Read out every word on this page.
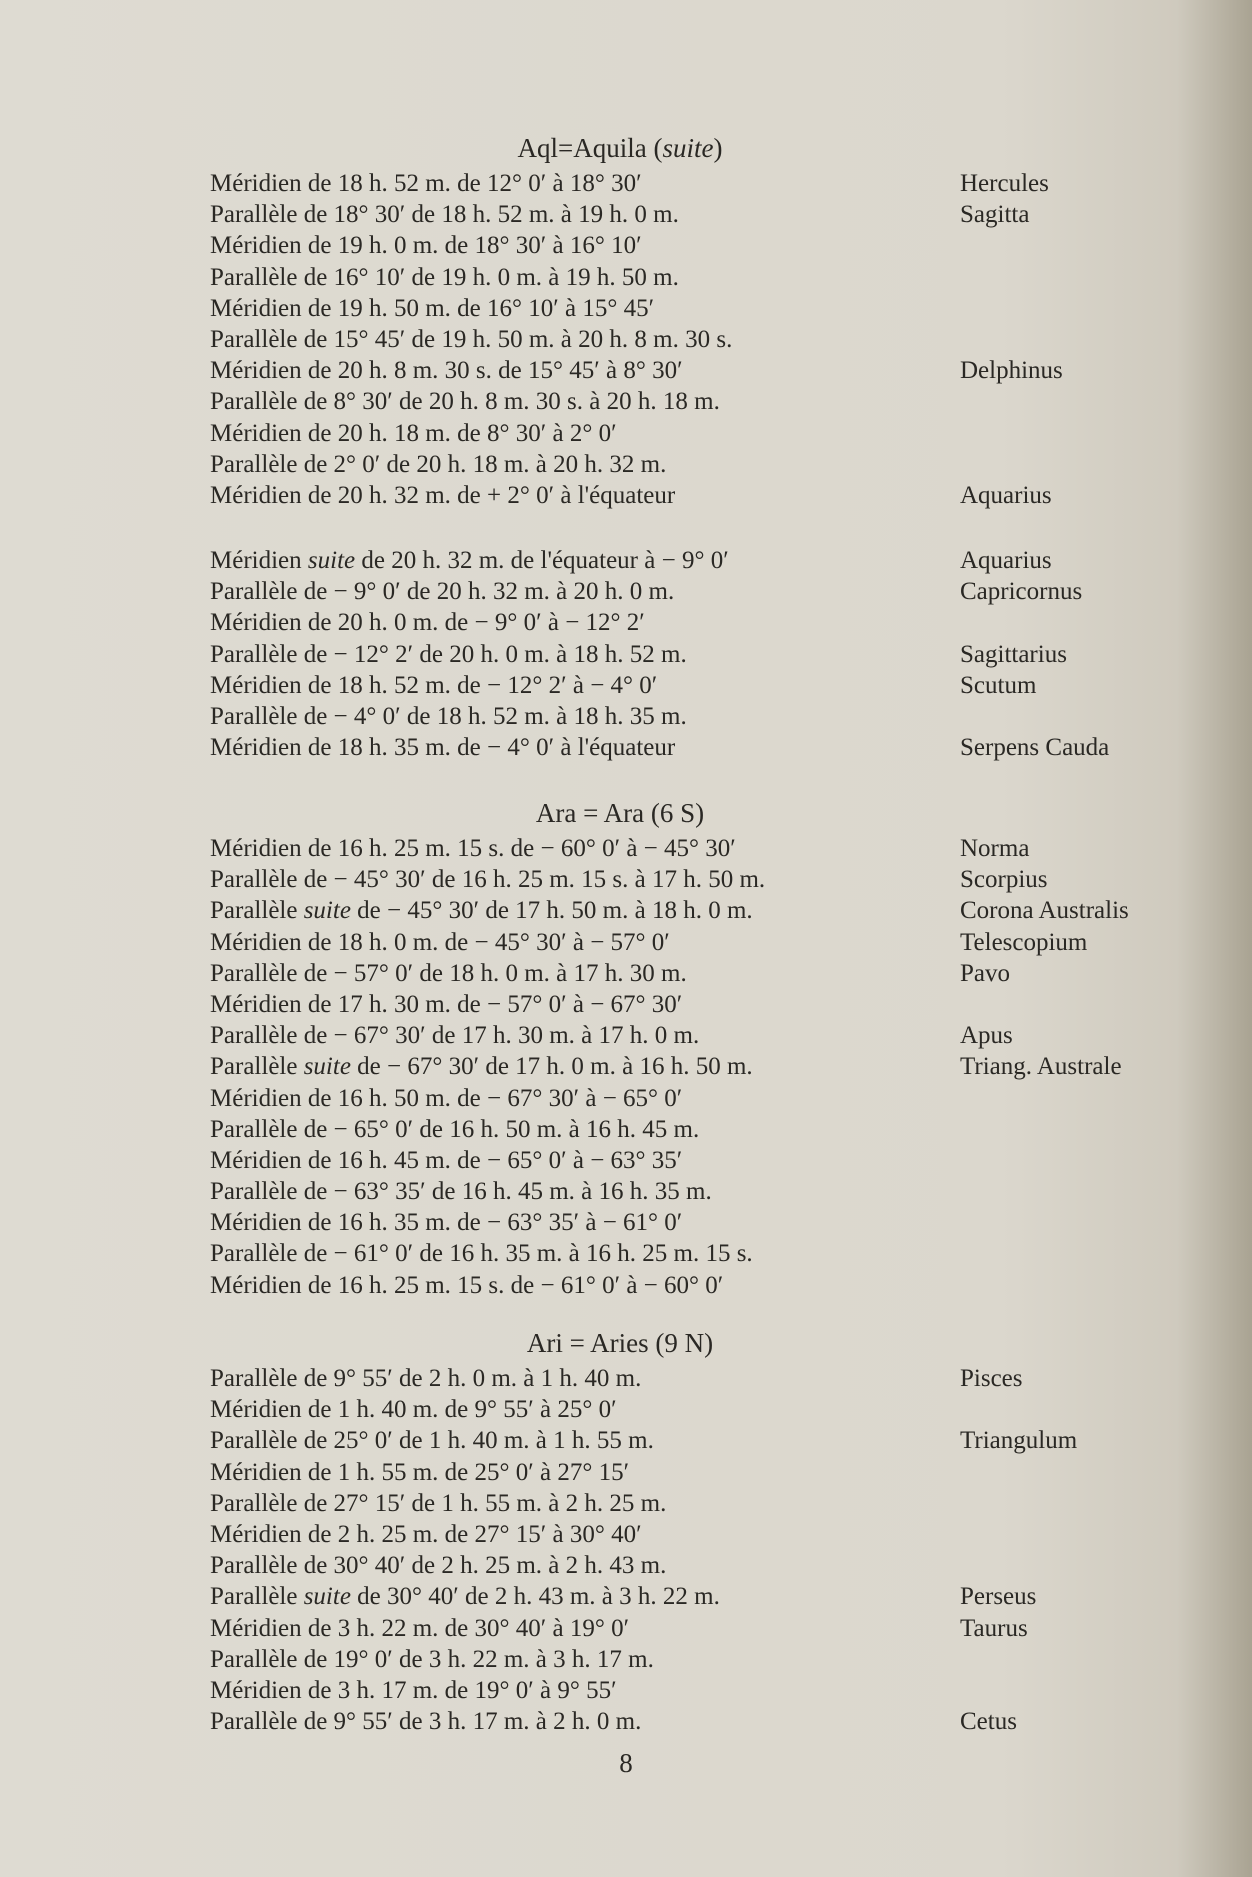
Aql=Aquila (suite)
Méridien de 18 h. 52 m. de 12° 0′ à 18° 30′	Hercules
Parallèle de 18° 30′ de 18 h. 52 m. à 19 h. 0 m.	Sagitta
Méridien de 19 h. 0 m. de 18° 30′ à 16° 10′
Parallèle de 16° 10′ de 19 h. 0 m. à 19 h. 50 m.
Méridien de 19 h. 50 m. de 16° 10′ à 15° 45′
Parallèle de 15° 45′ de 19 h. 50 m. à 20 h. 8 m. 30 s.
Méridien de 20 h. 8 m. 30 s. de 15° 45′ à 8° 30′	Delphinus
Parallèle de 8° 30′ de 20 h. 8 m. 30 s. à 20 h. 18 m.
Méridien de 20 h. 18 m. de 8° 30′ à 2° 0′
Parallèle de 2° 0′ de 20 h. 18 m. à 20 h. 32 m.
Méridien de 20 h. 32 m. de + 2° 0′ à l'équateur	Aquarius
Méridien suite de 20 h. 32 m. de l'équateur à − 9° 0′	Aquarius
Parallèle de − 9° 0′ de 20 h. 32 m. à 20 h. 0 m.	Capricornus
Méridien de 20 h. 0 m. de − 9° 0′ à − 12° 2′
Parallèle de − 12° 2′ de 20 h. 0 m. à 18 h. 52 m.	Sagittarius
Méridien de 18 h. 52 m. de − 12° 2′ à − 4° 0′	Scutum
Parallèle de − 4° 0′ de 18 h. 52 m. à 18 h. 35 m.
Méridien de 18 h. 35 m. de − 4° 0′ à l'équateur	Serpens Cauda
Ara = Ara (6 S)
Méridien de 16 h. 25 m. 15 s. de − 60° 0′ à − 45° 30′	Norma
Parallèle de − 45° 30′ de 16 h. 25 m. 15 s. à 17 h. 50 m.	Scorpius
Parallèle suite de − 45° 30′ de 17 h. 50 m. à 18 h. 0 m.	Corona Australis
Méridien de 18 h. 0 m. de − 45° 30′ à − 57° 0′	Telescopium
Parallèle de − 57° 0′ de 18 h. 0 m. à 17 h. 30 m.	Pavo
Méridien de 17 h. 30 m. de − 57° 0′ à − 67° 30′
Parallèle de − 67° 30′ de 17 h. 30 m. à 17 h. 0 m.	Apus
Parallèle suite de − 67° 30′ de 17 h. 0 m. à 16 h. 50 m.	Triang. Australe
Méridien de 16 h. 50 m. de − 67° 30′ à − 65° 0′
Parallèle de − 65° 0′ de 16 h. 50 m. à 16 h. 45 m.
Méridien de 16 h. 45 m. de − 65° 0′ à − 63° 35′
Parallèle de − 63° 35′ de 16 h. 45 m. à 16 h. 35 m.
Méridien de 16 h. 35 m. de − 63° 35′ à − 61° 0′
Parallèle de − 61° 0′ de 16 h. 35 m. à 16 h. 25 m. 15 s.
Méridien de 16 h. 25 m. 15 s. de − 61° 0′ à − 60° 0′
Ari = Aries (9 N)
Parallèle de 9° 55′ de 2 h. 0 m. à 1 h. 40 m.	Pisces
Méridien de 1 h. 40 m. de 9° 55′ à 25° 0′
Parallèle de 25° 0′ de 1 h. 40 m. à 1 h. 55 m.	Triangulum
Méridien de 1 h. 55 m. de 25° 0′ à 27° 15′
Parallèle de 27° 15′ de 1 h. 55 m. à 2 h. 25 m.
Méridien de 2 h. 25 m. de 27° 15′ à 30° 40′
Parallèle de 30° 40′ de 2 h. 25 m. à 2 h. 43 m.
Parallèle suite de 30° 40′ de 2 h. 43 m. à 3 h. 22 m.	Perseus
Méridien de 3 h. 22 m. de 30° 40′ à 19° 0′	Taurus
Parallèle de 19° 0′ de 3 h. 22 m. à 3 h. 17 m.
Méridien de 3 h. 17 m. de 19° 0′ à 9° 55′
Parallèle de 9° 55′ de 3 h. 17 m. à 2 h. 0 m.	Cetus
8
